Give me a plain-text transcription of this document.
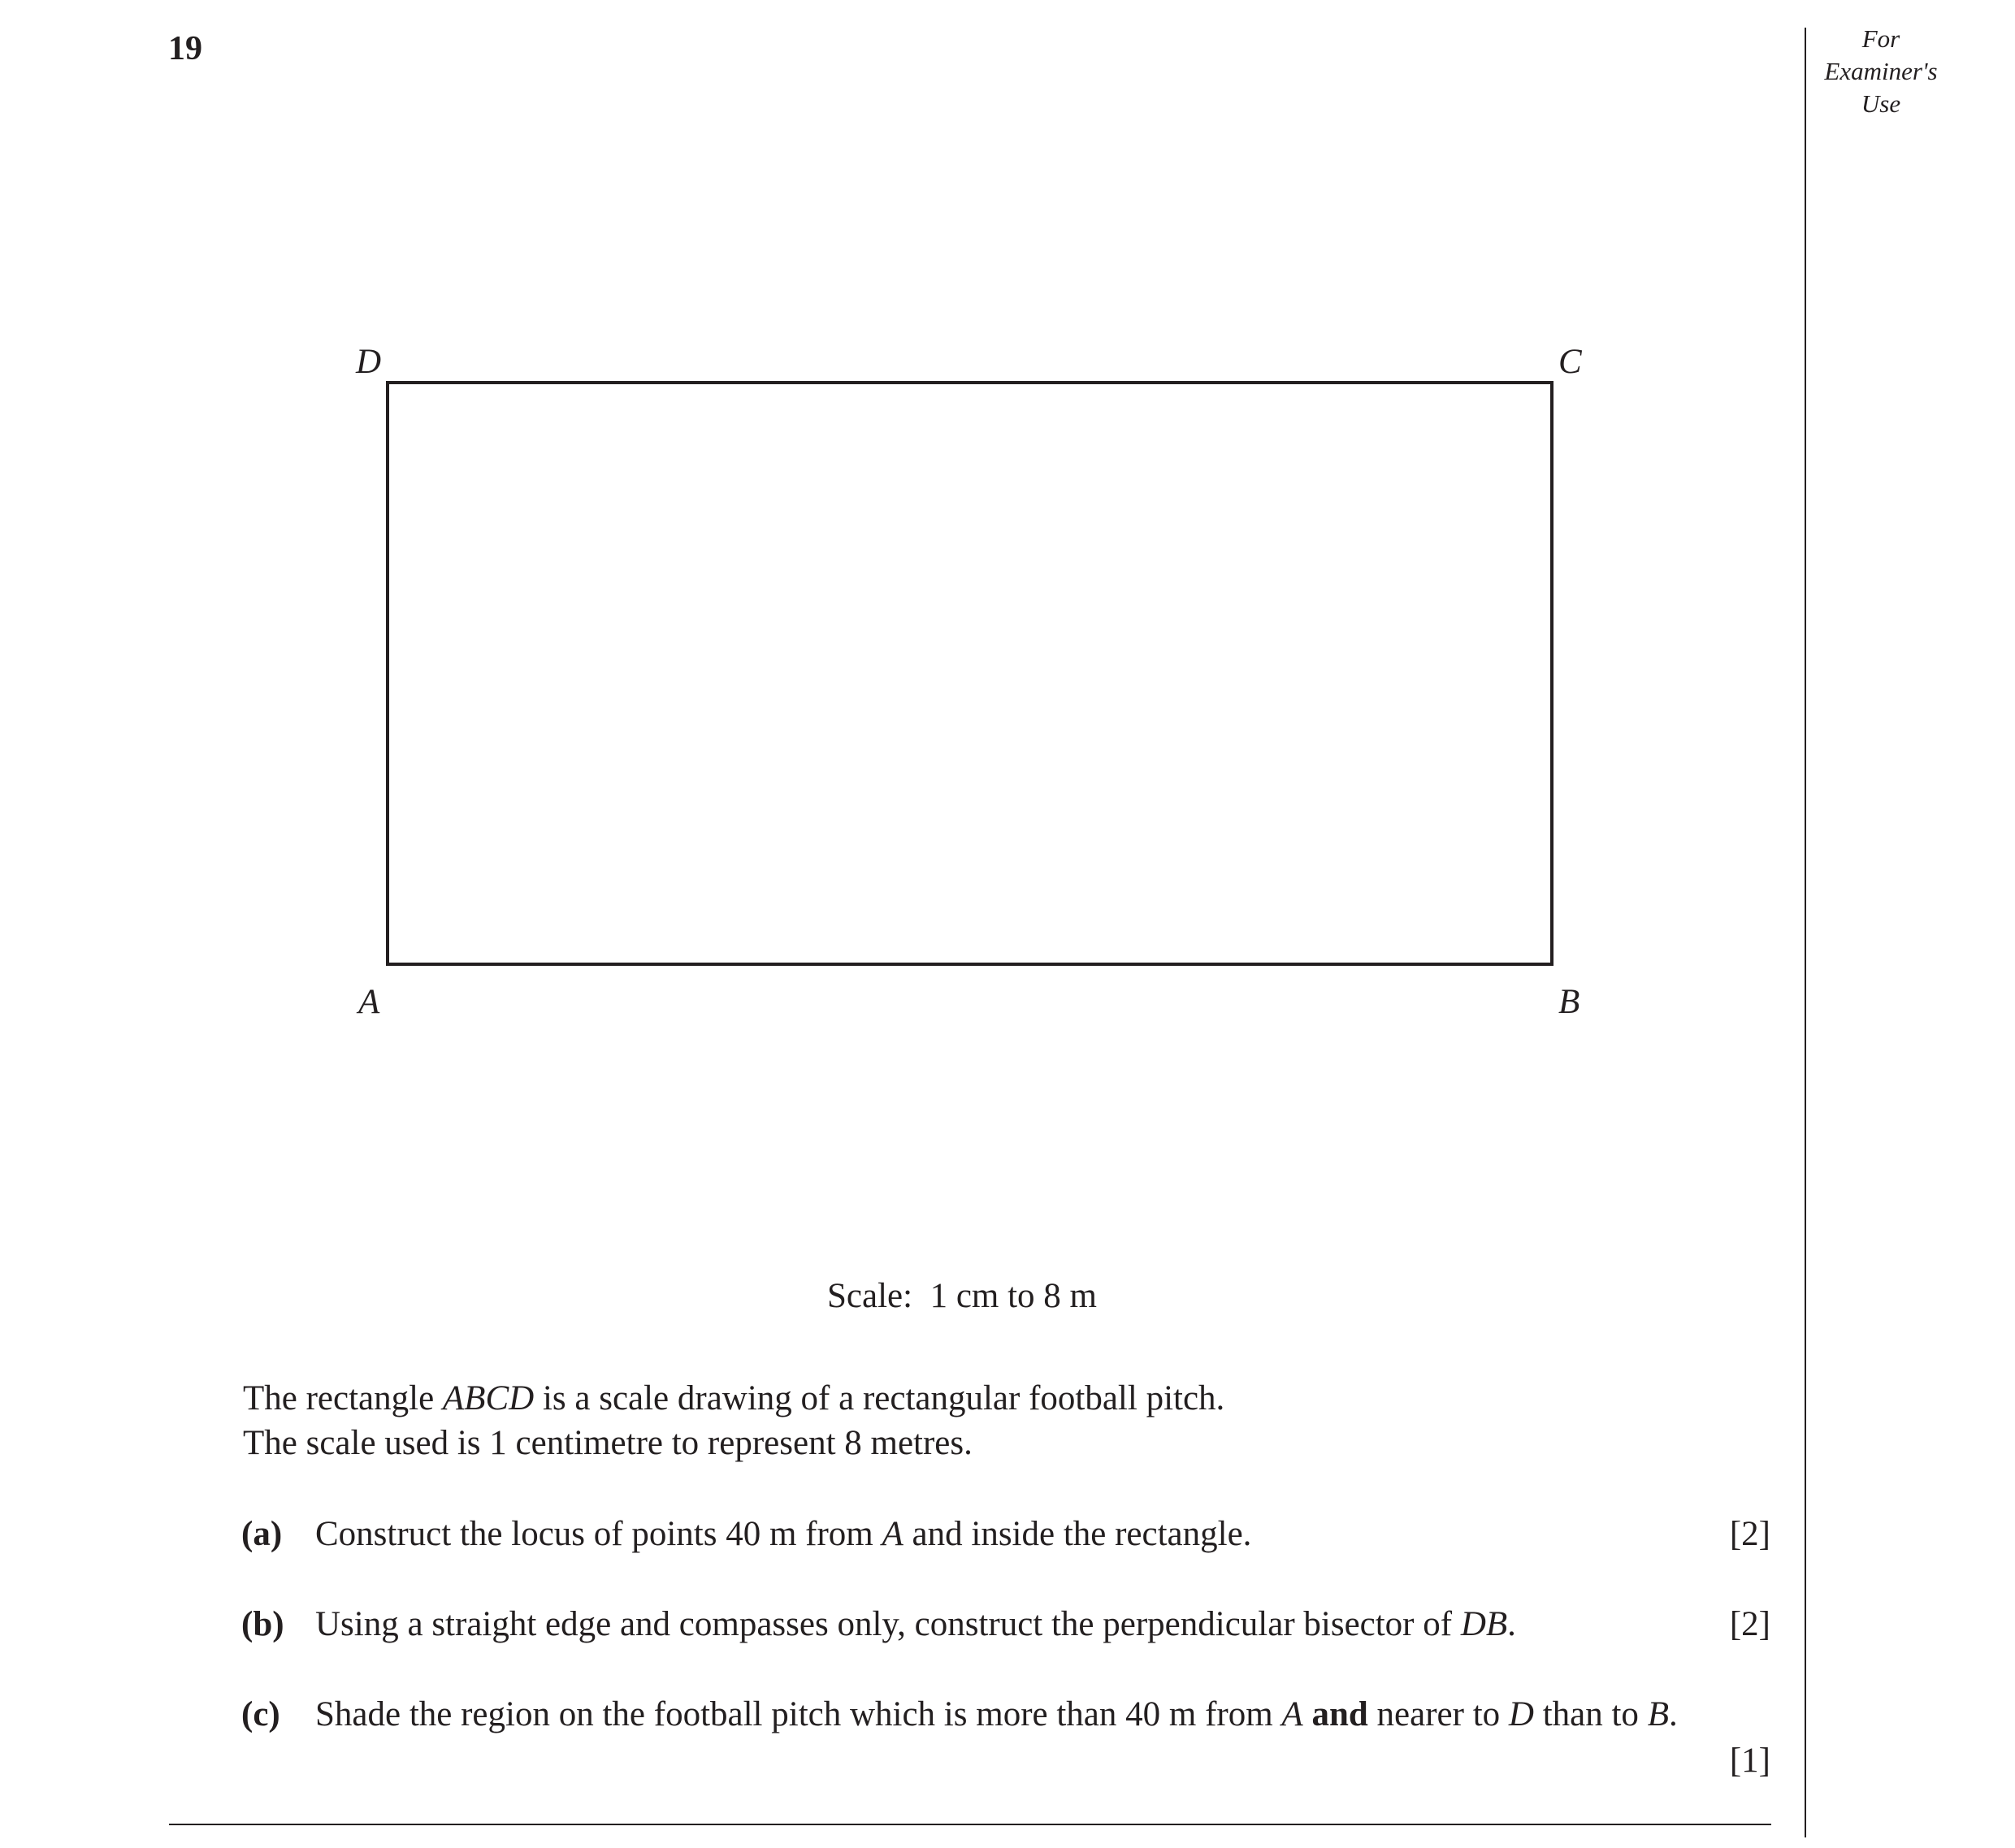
19	For
Examiner's
Use
D	C
A	B
Scale:  1 cm to 8 m
The rectangle ABCD is a scale drawing of a rectangular football pitch.
The scale used is 1 centimetre to represent 8 metres.
(a) Construct the locus of points 40 m from A and inside the rectangle.	[2]
(b) Using a straight edge and compasses only, construct the perpendicular bisector of DB.	[2]
(c) Shade the region on the football pitch which is more than 40 m from A and nearer to D than to B.
[1]
